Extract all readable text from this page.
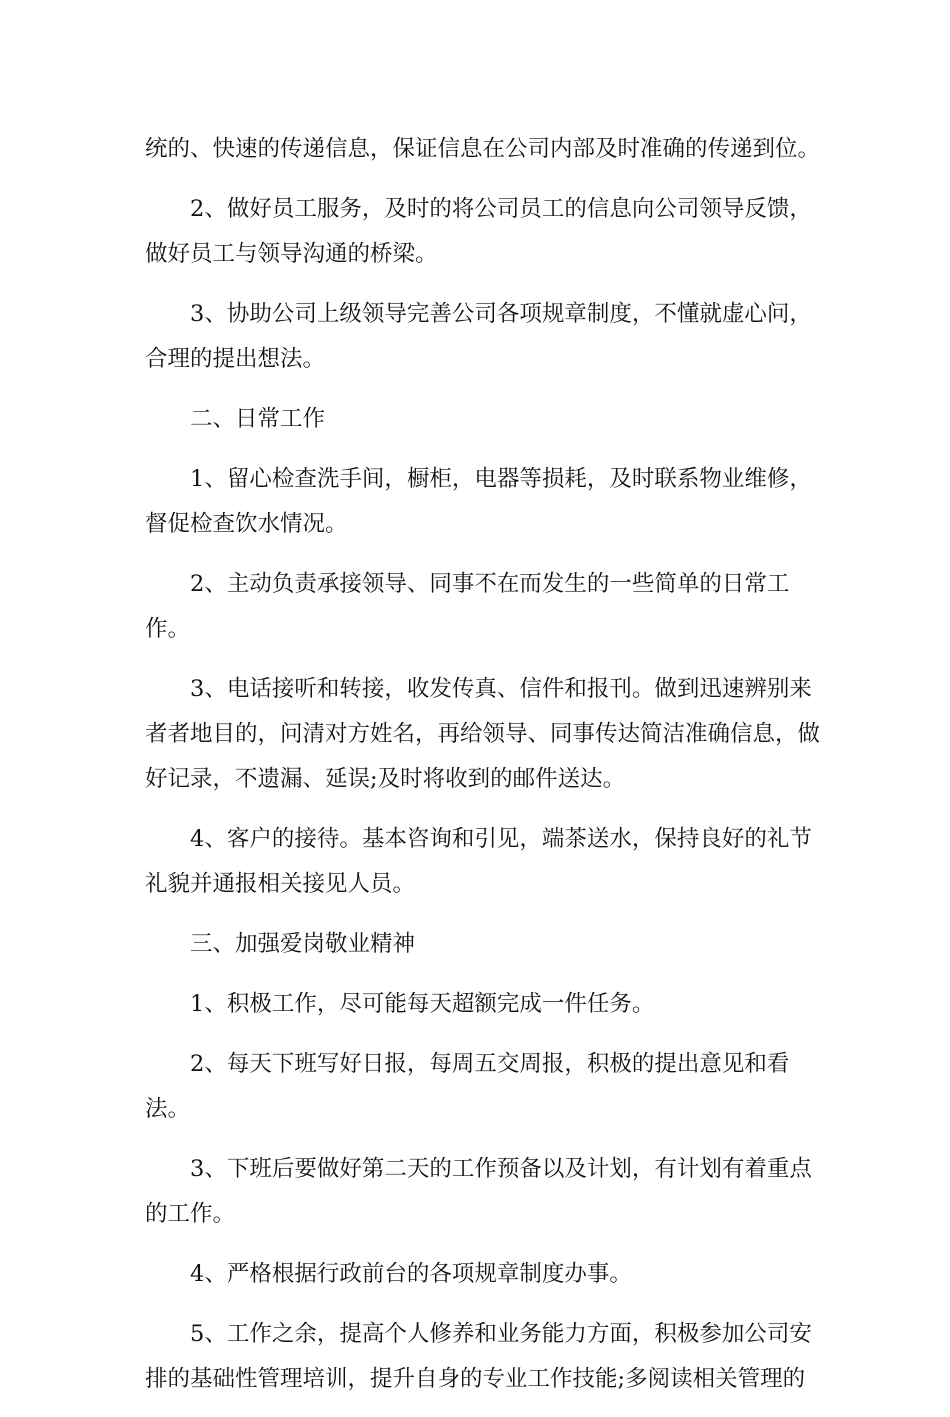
统的、快速的传递信息，保证信息在公司内部及时准确的传递到位。

2、做好员工服务，及时的将公司员工的信息向公司领导反馈，做好员工与领导沟通的桥梁。

3、协助公司上级领导完善公司各项规章制度，不懂就虚心问，合理的提出想法。

二、日常工作

1、留心检查洗手间，橱柜，电器等损耗，及时联系物业维修，督促检查饮水情况。

2、主动负责承接领导、同事不在而发生的一些简单的日常工作。

3、电话接听和转接，收发传真、信件和报刊。做到迅速辨别来者者地目的，问清对方姓名，再给领导、同事传达简洁准确信息，做好记录，不遗漏、延误;及时将收到的邮件送达。

4、客户的接待。基本咨询和引见，端茶送水，保持良好的礼节礼貌并通报相关接见人员。

三、加强爱岗敬业精神

1、积极工作，尽可能每天超额完成一件任务。

2、每天下班写好日报，每周五交周报，积极的提出意见和看法。

3、下班后要做好第二天的工作预备以及计划，有计划有着重点的工作。

4、严格根据行政前台的各项规章制度办事。

5、工作之余，提高个人修养和业务能力方面，积极参加公司安排的基础性管理培训，提升自身的专业工作技能;多阅读相关管理的
